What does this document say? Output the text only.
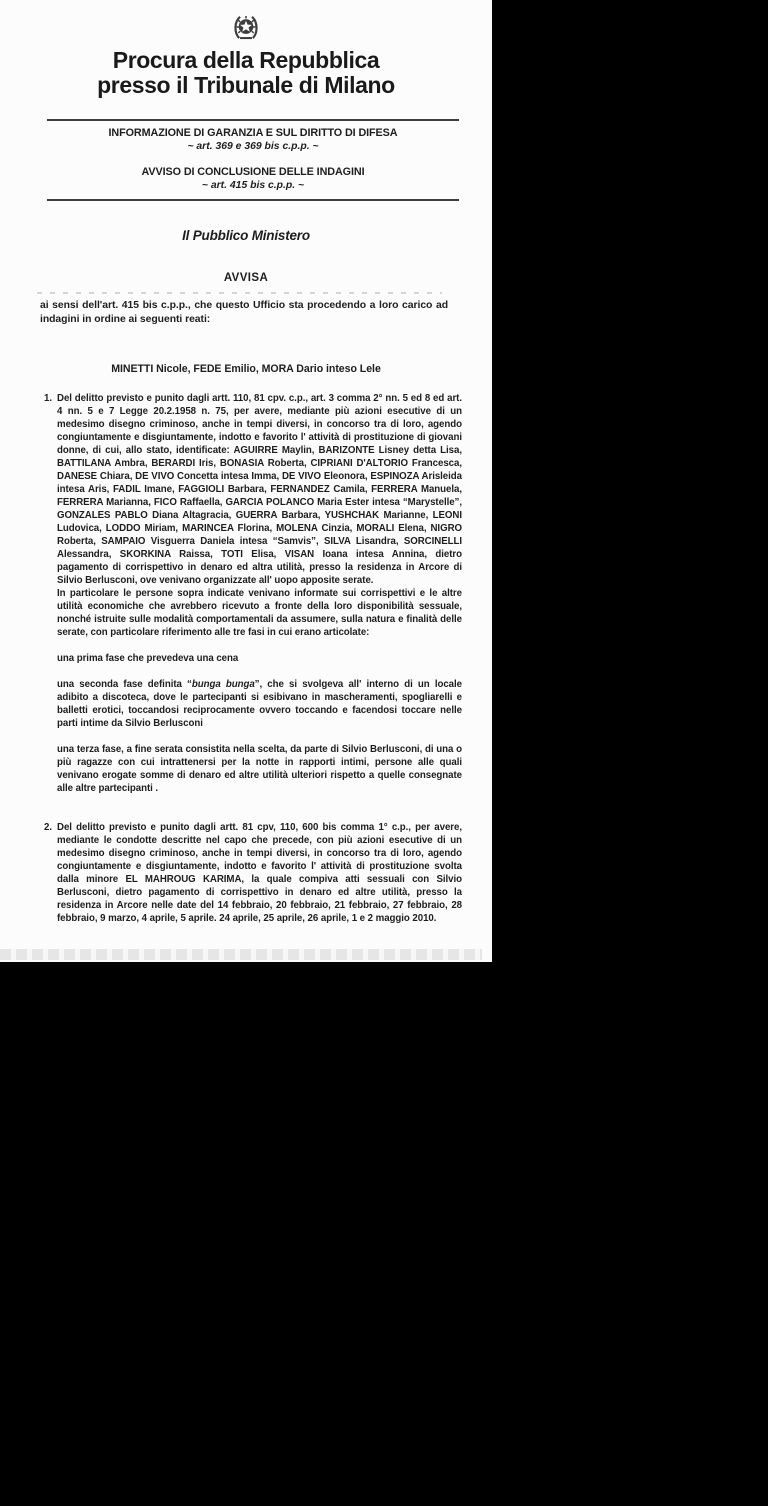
Procura della Repubblica
presso il Tribunale di Milano
INFORMAZIONE DI GARANZIA E SUL DIRITTO DI DIFESA
~ art. 369 e 369 bis c.p.p. ~
AVVISO DI CONCLUSIONE DELLE INDAGINI
~ art. 415 bis c.p.p. ~
Il Pubblico Ministero
AVVISA
ai sensi dell'art. 415 bis c.p.p., che questo Ufficio sta procedendo a loro carico ad indagini in ordine ai seguenti reati:
MINETTI Nicole, FEDE Emilio, MORA Dario inteso Lele
1. Del delitto previsto e punito dagli artt. 110, 81 cpv. c.p., art. 3 comma 2° nn. 5 ed 8 ed art. 4 nn. 5 e 7 Legge 20.2.1958 n. 75, per avere, mediante più azioni esecutive di un medesimo disegno criminoso, anche in tempi diversi, in concorso tra di loro, agendo congiuntamente e disgiuntamente, indotto e favorito l' attività di prostituzione di giovani donne, di cui, allo stato, identificate: AGUIRRE Maylin, BARIZONTE Lisney detta Lisa, BATTILANA Ambra, BERARDI Iris, BONASIA Roberta, CIPRIANI D'ALTORIO Francesca, DANESE Chiara, DE VIVO Concetta intesa Imma, DE VIVO Eleonora, ESPINOZA Arisleida intesa Aris, FADIL Imane, FAGGIOLI Barbara, FERNANDEZ Camila, FERRERA Manuela, FERRERA Marianna, FICO Raffaella, GARCIA POLANCO Maria Ester intesa “Marystelle”, GONZALES PABLO Diana Altagracia, GUERRA Barbara, YUSHCHAK Marianne, LEONI Ludovica, LODDO Miriam, MARINCEA Florina, MOLENA Cinzia, MORALI Elena, NIGRO Roberta, SAMPAIO Visguerra Daniela intesa “Samvis”, SILVA Lisandra, SORCINELLI Alessandra, SKORKINA Raissa, TOTI Elisa, VISAN Ioana intesa Annina, dietro pagamento di corrispettivo in denaro ed altra utilità, presso la residenza in Arcore di Silvio Berlusconi, ove venivano organizzate all' uopo apposite serate.

In particolare le persone sopra indicate venivano informate sui corrispettivi e le altre utilità economiche che avrebbero ricevuto a fronte della loro disponibilità sessuale, nonché istruite sulle modalità comportamentali da assumere, sulla natura e finalità delle serate, con particolare riferimento alle tre fasi in cui erano articolate:

una prima fase che prevedeva una cena

una seconda fase definita “bunga bunga”, che si svolgeva all' interno di un locale adibito a discoteca, dove le partecipanti si esibivano in mascheramenti, spogliarelli e balletti erotici, toccandosi reciprocamente ovvero toccando e facendosi toccare nelle parti intime da Silvio Berlusconi

una terza fase, a fine serata consistita nella scelta, da parte di Silvio Berlusconi, di una o più ragazze con cui intrattenersi per la notte in rapporti intimi, persone alle quali venivano erogate somme di denaro ed altre utilità ulteriori rispetto a quelle consegnate alle altre partecipanti .

2. Del delitto previsto e punito dagli artt. 81 cpv, 110, 600 bis comma 1° c.p., per avere, mediante le condotte descritte nel capo che precede, con più azioni esecutive di un medesimo disegno criminoso, anche in tempi diversi, in concorso tra di loro, agendo congiuntamente e disgiuntamente, indotto e favorito l' attività di prostituzione svolta dalla minore EL MAHROUG KARIMA, la quale compiva atti sessuali con Silvio Berlusconi, dietro pagamento di corrispettivo in denaro ed altre utilità, presso la residenza in Arcore nelle date del 14 febbraio, 20 febbraio, 21 febbraio, 27 febbraio, 28 febbraio, 9 marzo, 4 aprile, 5 aprile. 24 aprile, 25 aprile, 26 aprile, 1 e 2 maggio 2010.
